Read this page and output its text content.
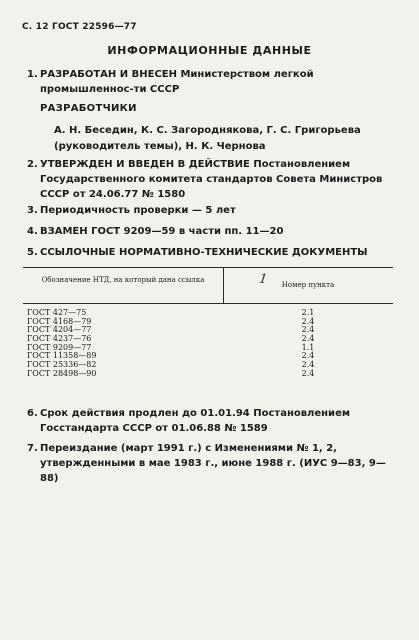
С. 12 ГОСТ 22596—77
ИНФОРМАЦИОННЫЕ ДАННЫЕ
1. РАЗРАБОТАН И ВНЕСЕН Министерством легкой промышленнос-ти СССР
РАЗРАБОТЧИКИ
А. Н. Беседин, К. С. Загороднякова, Г. С. Григорьева (руководитель темы), Н. К. Чернова
2. УТВЕРЖДЕН И ВВЕДЕН В ДЕЙСТВИЕ Постановлением Государственного комитета стандартов Совета Министров СССР от 24.06.77 № 1580
3. Периодичность проверки — 5 лет
4. ВЗАМЕН ГОСТ 9209—59 в части пп. 11—20
5. ССЫЛОЧНЫЕ НОРМАТИВНО-ТЕХНИЧЕСКИЕ ДОКУМЕНТЫ
Обозначение НТД, на который дана ссылка	1	Номер пункта
ГОСТ 427—75	2.1
ГОСТ 4168—79	2.4
ГОСТ 4204—77	2.4
ГОСТ 4237—76	2.4
ГОСТ 9209—77	1.1
ГОСТ 11358—89	2.4
ГОСТ 25336—82	2.4
ГОСТ 28498—90	2.4
6. Срок действия продлен до 01.01.94 Постановлением Госстандарта СССР от 01.06.88 № 1589
7. Переиздание (март 1991 г.) с Изменениями № 1, 2, утвержденными в мае 1983 г., июне 1988 г. (ИУС 9—83, 9—88)
